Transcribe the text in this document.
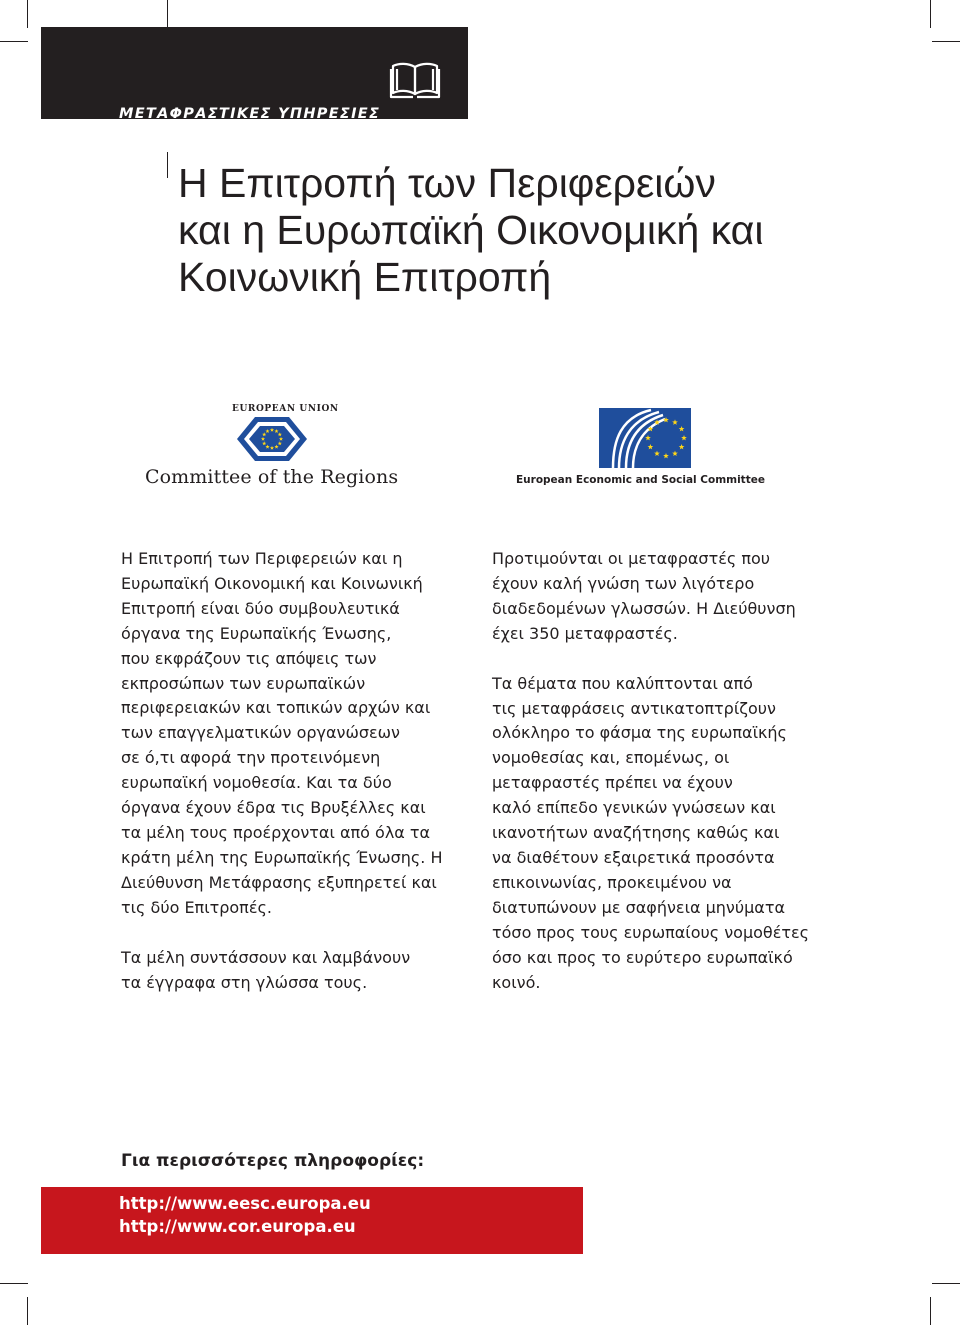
ΜΕΤΑΦΡΑΣΤΙΚΕΣ ΥΠΗΡΕΣΙΕΣ
Η Επιτροπή των Περιφερειών
και η Ευρωπαϊκή Οικονομική και
Κοινωνική Επιτροπή
EUROPEAN UNION
Committee of the Regions	European Economic and Social Committee

Η Επιτροπή των Περιφερειών και η
Ευρωπαϊκή Οικονομική και Κοινωνική
Επιτροπή είναι δύο συμβουλευτικά
όργανα της Ευρωπαϊκής Ένωσης,
που εκφράζουν τις απόψεις των
εκπροσώπων των ευρωπαϊκών
περιφερειακών και τοπικών αρχών και
των επαγγελματικών οργανώσεων
σε ό,τι αφορά την προτεινόμενη
ευρωπαϊκή νομοθεσία. Και τα δύο
όργανα έχουν έδρα τις Βρυξέλλες και
τα μέλη τους προέρχονται από όλα τα
κράτη μέλη της Ευρωπαϊκής Ένωσης. Η
Διεύθυνση Μετάφρασης εξυπηρετεί και
τις δύο Επιτροπές.

Τα μέλη συντάσσουν και λαμβάνουν
τα έγγραφα στη γλώσσα τους.

Προτιμούνται οι μεταφραστές που
έχουν καλή γνώση των λιγότερο
διαδεδομένων γλωσσών. Η Διεύθυνση
έχει 350 μεταφραστές.

Τα θέματα που καλύπτονται από
τις μεταφράσεις αντικατοπτρίζουν
ολόκληρο το φάσμα της ευρωπαϊκής
νομοθεσίας και, επομένως, οι
μεταφραστές πρέπει να έχουν
καλό επίπεδο γενικών γνώσεων και
ικανοτήτων αναζήτησης καθώς και
να διαθέτουν εξαιρετικά προσόντα
επικοινωνίας, προκειμένου να
διατυπώνουν με σαφήνεια μηνύματα
τόσο προς τους ευρωπαίους νομοθέτες
όσο και προς το ευρύτερο ευρωπαϊκό
κοινό.

Για περισσότερες πληροφορίες:
http://www.eesc.europa.eu
http://www.cor.europa.eu
